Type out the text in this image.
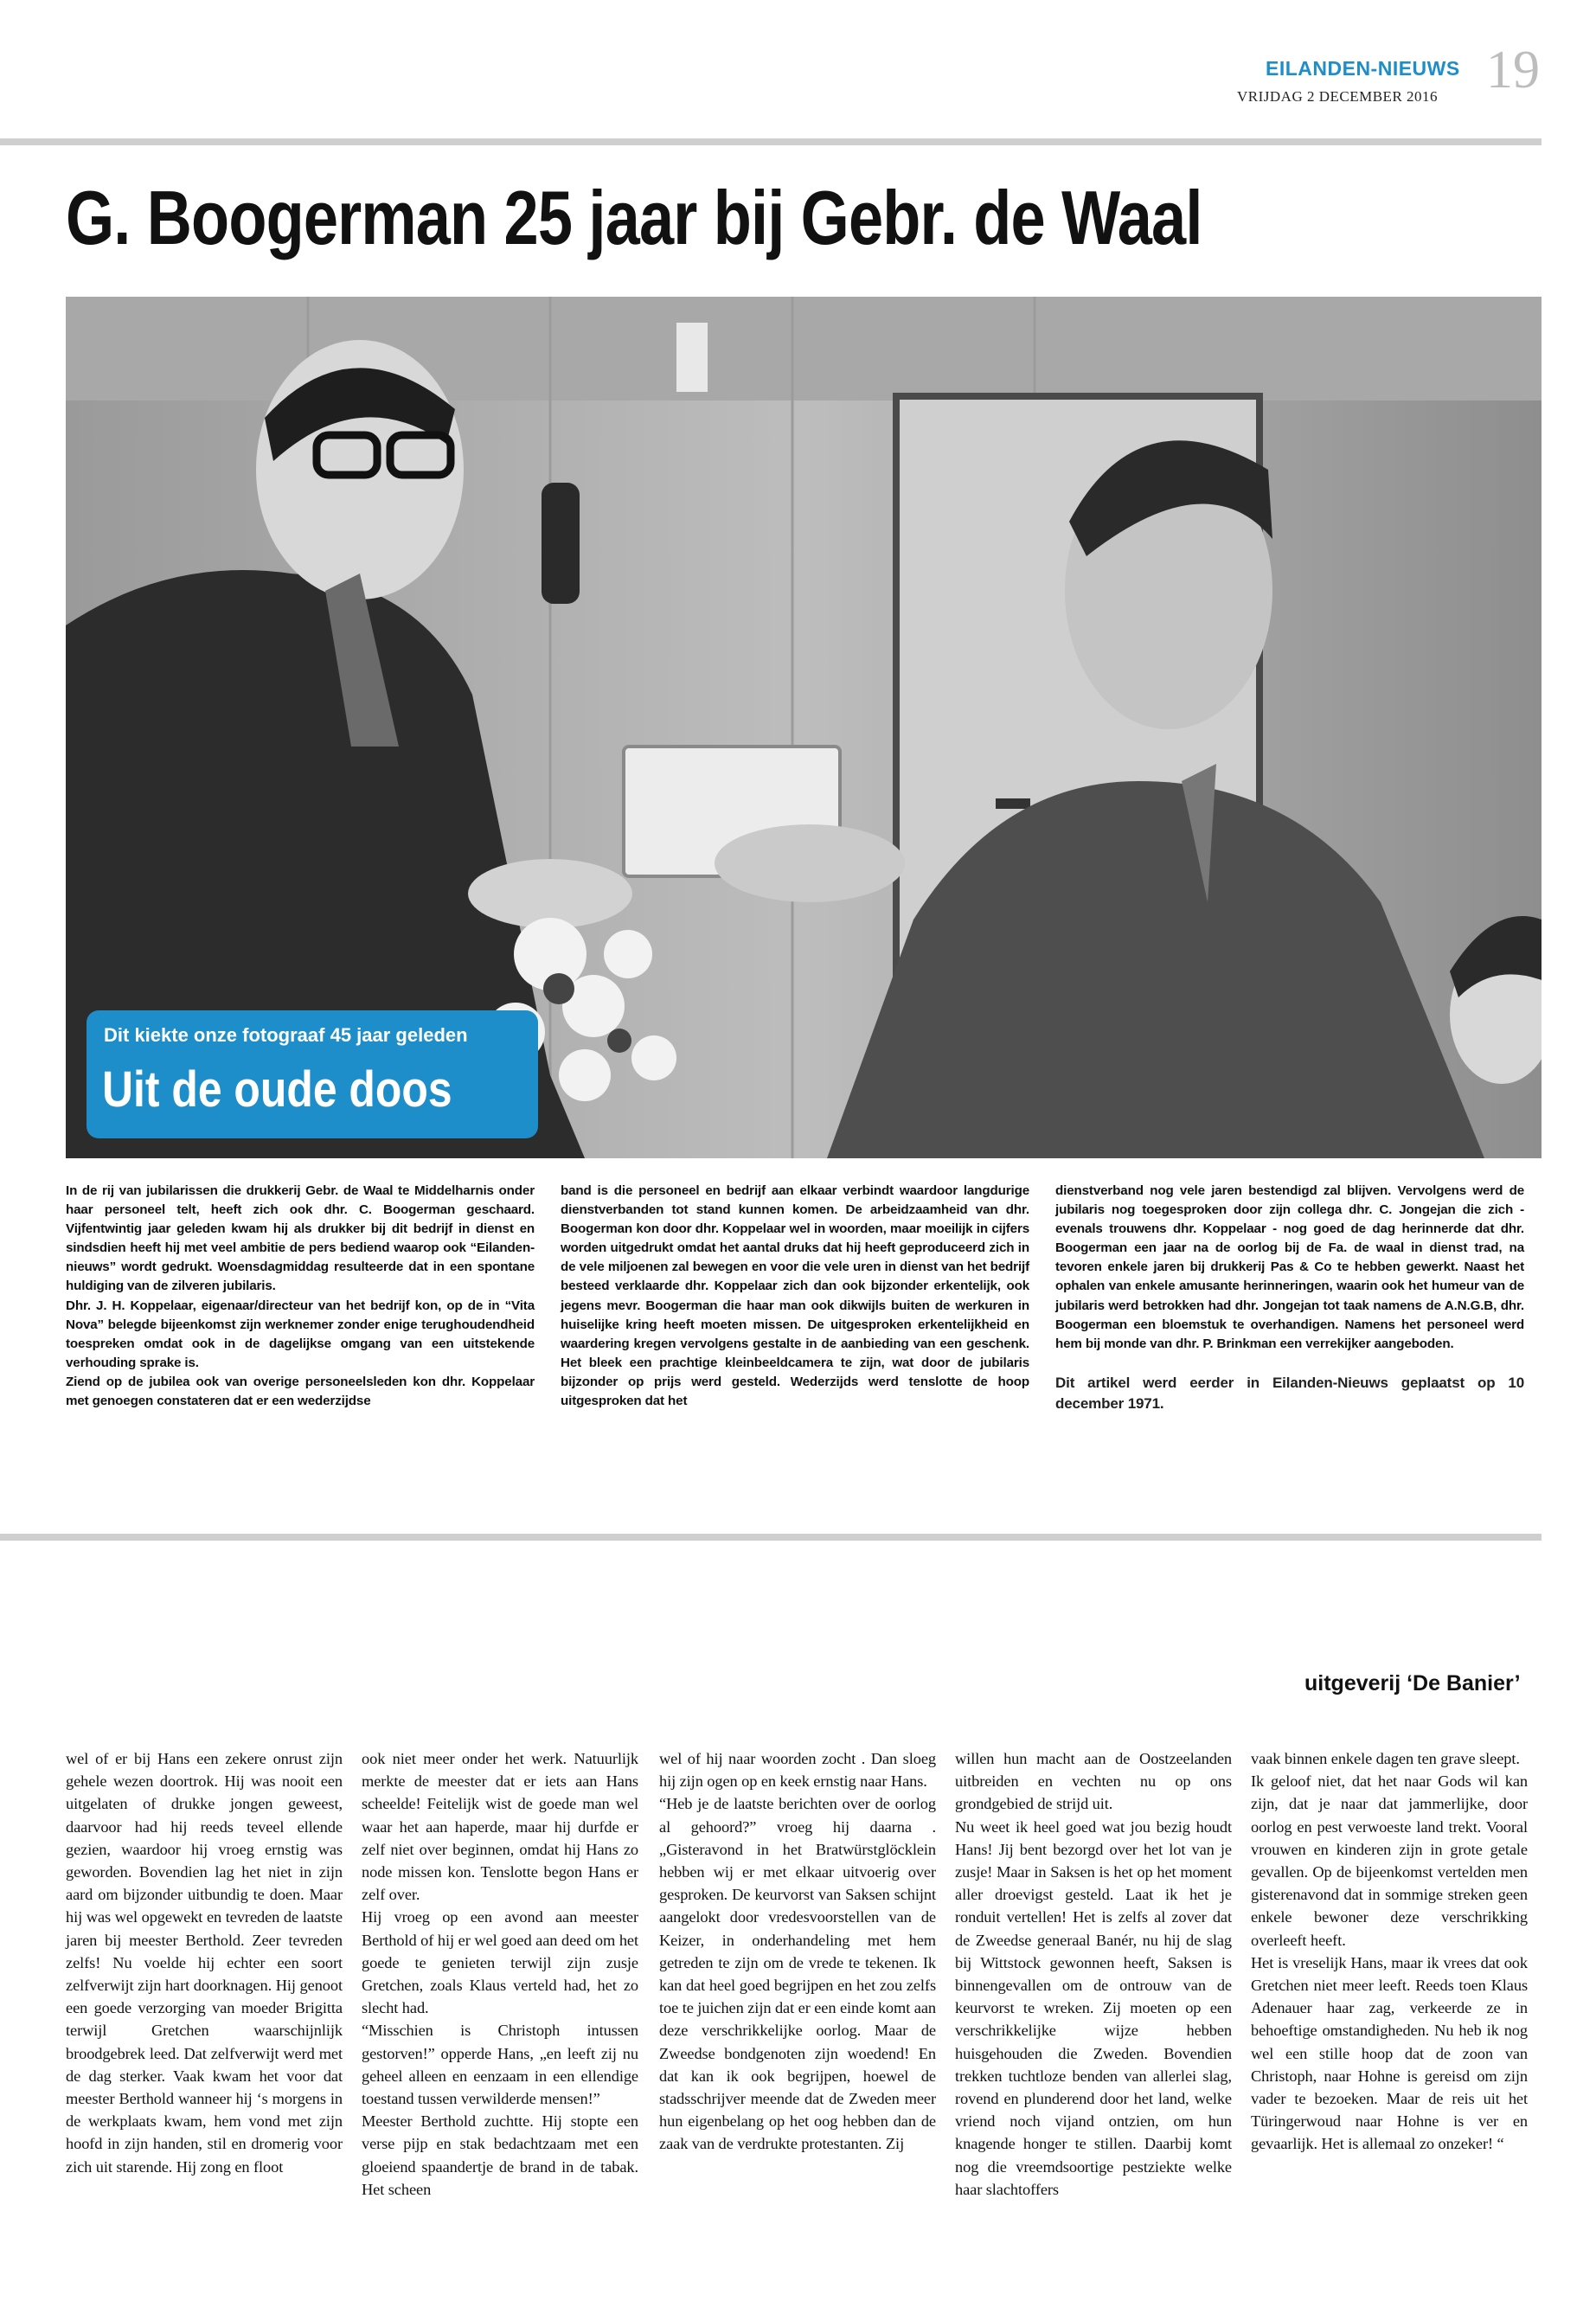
EILANDEN-NIEUWS
VRIJDAG 2 DECEMBER 2016 19
G. Boogerman 25 jaar bij Gebr. de Waal
Dit kiekte onze fotograaf 45 jaar geleden
Uit de oude doos

In de rij van jubilarissen die drukkerij Gebr. de Waal te Middelharnis onder haar personeel telt, heeft zich ook dhr. C. Boogerman geschaard. Vijfentwintig jaar geleden kwam hij als drukker bij dit bedrijf in dienst en sindsdien heeft hij met veel ambitie de pers bediend waarop ook “Eilanden-nieuws” wordt gedrukt. Woensdagmiddag resulteerde dat in een spontane huldiging van de zilveren jubilaris.

Dhr. J. H. Koppelaar, eigenaar/directeur van het bedrijf kon, op de in “Vita Nova” belegde bijeenkomst zijn werknemer zonder enige terughoudendheid toespreken omdat ook in de dagelijkse omgang van een uitstekende verhouding sprake is.

Ziend op de jubilea ook van overige personeelsleden kon dhr. Koppelaar met genoegen constateren dat er een wederzijdse

band is die personeel en bedrijf aan elkaar verbindt waardoor langdurige dienstverbanden tot stand kunnen komen. De arbeidzaamheid van dhr. Boogerman kon door dhr. Koppelaar wel in woorden, maar moeilijk in cijfers worden uitgedrukt omdat het aantal druks dat hij heeft geproduceerd zich in de vele miljoenen zal bewegen en voor die vele uren in dienst van het bedrijf besteed verklaarde dhr. Koppelaar zich dan ook bijzonder erkentelijk, ook jegens mevr. Boogerman die haar man ook dikwijls buiten de werkuren in huiselijke kring heeft moeten missen. De uitgesproken erkentelijkheid en waardering kregen vervolgens gestalte in de aanbieding van een geschenk. Het bleek een prachtige kleinbeeldcamera te zijn, wat door de jubilaris bijzonder op prijs werd gesteld. Wederzijds werd tenslotte de hoop uitgesproken dat het

dienstverband nog vele jaren bestendigd zal blijven. Vervolgens werd de jubilaris nog toegesproken door zijn collega dhr. C. Jongejan die zich - evenals trouwens dhr. Koppelaar - nog goed de dag herinnerde dat dhr. Boogerman een jaar na de oorlog bij de Fa. de waal in dienst trad, na tevoren enkele jaren bij drukkerij Pas & Co te hebben gewerkt. Naast het ophalen van enkele amusante herinneringen, waarin ook het humeur van de jubilaris werd betrokken had dhr. Jongejan tot taak namens de A.N.G.B, dhr. Boogerman een bloemstuk te overhandigen. Namens het personeel werd hem bij monde van dhr. P. Brinkman een verrekijker aangeboden.

Dit artikel werd eerder in Eilanden-Nieuws geplaatst op 10 december 1971.

uitgeverij ‘De Banier’

wel of er bij Hans een zekere onrust zijn gehele wezen doortrok. Hij was nooit een uitgelaten of drukke jongen geweest, daarvoor had hij reeds teveel ellende gezien, waardoor hij vroeg ernstig was geworden. Bovendien lag het niet in zijn aard om bijzonder uitbundig te doen. Maar hij was wel opgewekt en tevreden de laatste jaren bij meester Berthold. Zeer tevreden zelfs! Nu voelde hij echter een soort zelfverwijt zijn hart doorknagen. Hij genoot een goede verzorging van moeder Brigitta terwijl Gretchen waarschijnlijk broodgebrek leed. Dat zelfverwijt werd met de dag sterker. Vaak kwam het voor dat meester Berthold wanneer hij ‘s morgens in de werkplaats kwam, hem vond met zijn hoofd in zijn handen, stil en dromerig voor zich uit starende. Hij zong en floot

ook niet meer onder het werk. Natuurlijk merkte de meester dat er iets aan Hans scheelde! Feitelijk wist de goede man wel waar het aan haperde, maar hij durfde er zelf niet over beginnen, omdat hij Hans zo node missen kon. Tenslotte begon Hans er zelf over.

Hij vroeg op een avond aan meester Berthold of hij er wel goed aan deed om het goede te genieten terwijl zijn zusje Gretchen, zoals Klaus verteld had, het zo slecht had.

“Misschien is Christoph intussen gestorven!” opperde Hans, „en leeft zij nu geheel alleen en eenzaam in een ellendige toestand tussen verwilderde mensen!”

Meester Berthold zuchtte. Hij stopte een verse pijp en stak bedachtzaam met een gloeiend spaandertje de brand in de tabak. Het scheen

wel of hij naar woorden zocht . Dan sloeg hij zijn ogen op en keek ernstig naar Hans.

“Heb je de laatste berichten over de oorlog al gehoord?” vroeg hij daarna . „Gisteravond in het Bratwürstglöcklein hebben wij er met elkaar uitvoerig over gesproken. De keurvorst van Saksen schijnt aangelokt door vredesvoorstellen van de Keizer, in onderhandeling met hem getreden te zijn om de vrede te tekenen. Ik kan dat heel goed begrijpen en het zou zelfs toe te juichen zijn dat er een einde komt aan deze verschrikkelijke oorlog. Maar de Zweedse bondgenoten zijn woedend! En dat kan ik ook begrijpen, hoewel de stadsschrijver meende dat de Zweden meer hun eigenbelang op het oog hebben dan de zaak van de verdrukte protestanten. Zij

willen hun macht aan de Oostzeelanden uitbreiden en vechten nu op ons grondgebied de strijd uit.

Nu weet ik heel goed wat jou bezig houdt Hans! Jij bent bezorgd over het lot van je zusje! Maar in Saksen is het op het moment aller droevigst gesteld. Laat ik het je ronduit vertellen! Het is zelfs al zover dat de Zweedse generaal Banér, nu hij de slag bij Wittstock gewonnen heeft, Saksen is binnengevallen om de ontrouw van de keurvorst te wreken. Zij moeten op een verschrikkelijke wijze hebben huisgehouden die Zweden. Bovendien trekken tuchtloze benden van allerlei slag, rovend en plunderend door het land, welke vriend noch vijand ontzien, om hun knagende honger te stillen. Daarbij komt nog die vreemdsoortige pestziekte welke haar slachtoffers

vaak binnen enkele dagen ten grave sleept.

Ik geloof niet, dat het naar Gods wil kan zijn, dat je naar dat jammerlijke, door oorlog en pest verwoeste land trekt. Vooral vrouwen en kinderen zijn in grote getale gevallen. Op de bijeenkomst vertelden men gisterenavond dat in sommige streken geen enkele bewoner deze verschrikking overleeft heeft.

Het is vreselijk Hans, maar ik vrees dat ook Gretchen niet meer leeft. Reeds toen Klaus Adenauer haar zag, verkeerde ze in behoeftige omstandigheden. Nu heb ik nog wel een stille hoop dat de zoon van Christoph, naar Hohne is gereisd om zijn vader te bezoeken. Maar de reis uit het Türingerwoud naar Hohne is ver en gevaarlijk. Het is allemaal zo onzeker! “
